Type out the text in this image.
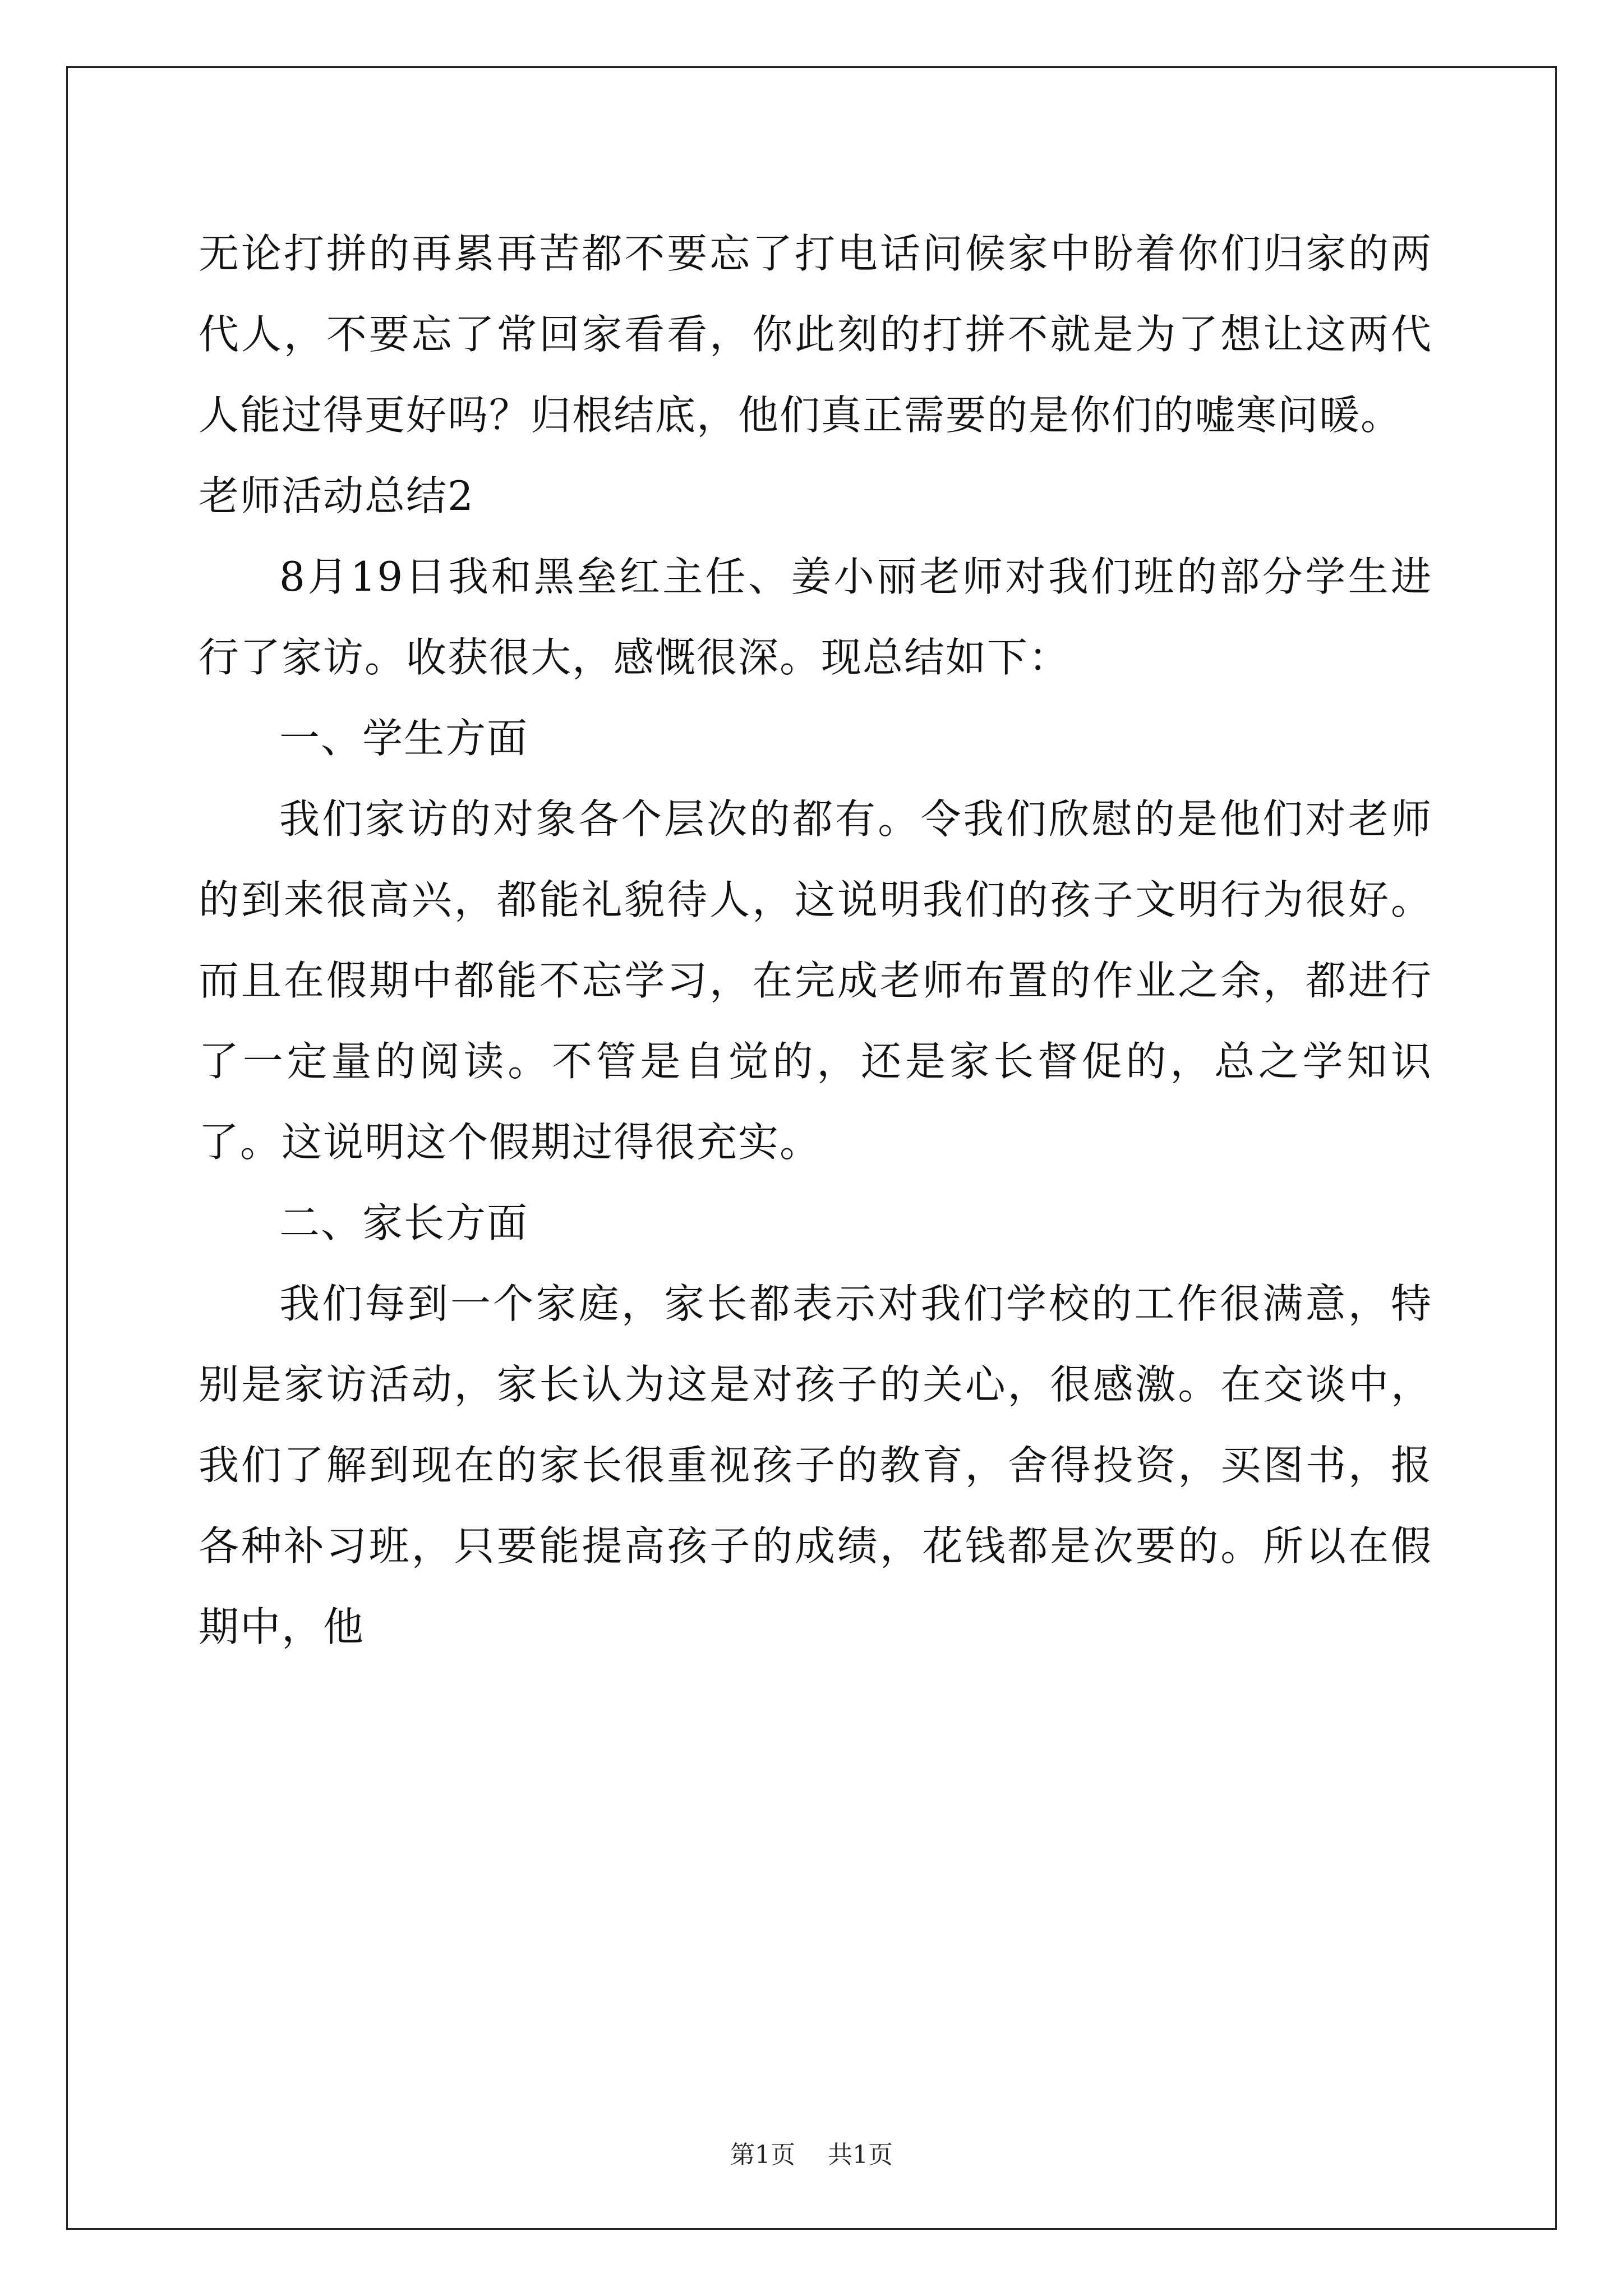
无论打拼的再累再苦都不要忘了打电话问候家中盼着你们归家的两代人，不要忘了常回家看看，你此刻的打拼不就是为了想让这两代人能过得更好吗？归根结底，他们真正需要的是你们的嘘寒问暖。

老师活动总结2

8月19日我和黑垒红主任、姜小丽老师对我们班的部分学生进行了家访。收获很大，感慨很深。现总结如下：

一、学生方面

我们家访的对象各个层次的都有。令我们欣慰的是他们对老师的到来很高兴，都能礼貌待人，这说明我们的孩子文明行为很好。而且在假期中都能不忘学习，在完成老师布置的作业之余，都进行了一定量的阅读。不管是自觉的，还是家长督促的，总之学知识了。这说明这个假期过得很充实。

二、家长方面

我们每到一个家庭，家长都表示对我们学校的工作很满意，特别是家访活动，家长认为这是对孩子的关心，很感激。在交谈中，我们了解到现在的家长很重视孩子的教育，舍得投资，买图书，报各种补习班，只要能提高孩子的成绩，花钱都是次要的。所以在假期中，他

第1页 共1页
